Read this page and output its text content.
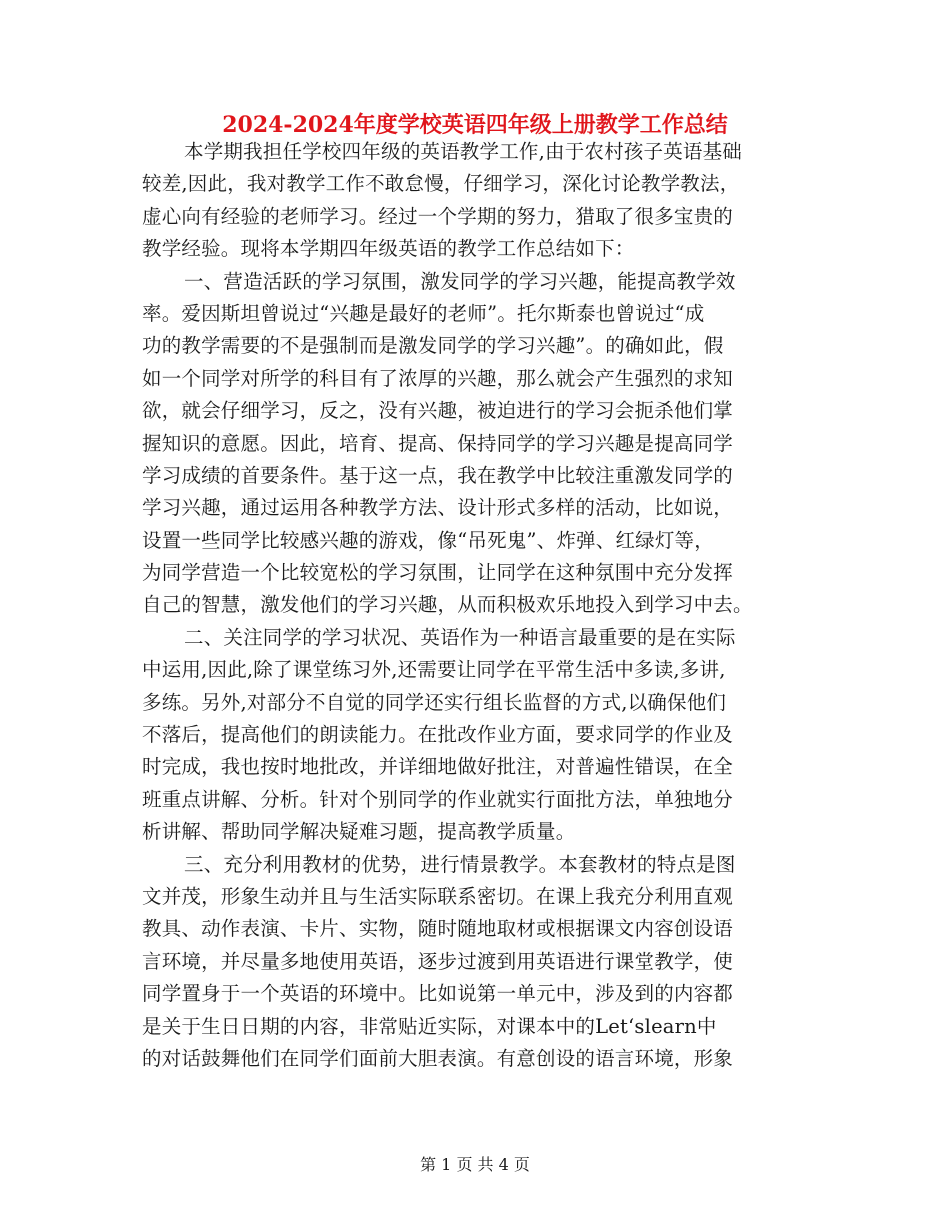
2024-2024年度学校英语四年级上册教学工作总结
本学期我担任学校四年级的英语教学工作,由于农村孩子英语基础
较差,因此，我对教学工作不敢怠慢，仔细学习，深化讨论教学教法，
虚心向有经验的老师学习。经过一个学期的努力，猎取了很多宝贵的
教学经验。现将本学期四年级英语的教学工作总结如下：
一、营造活跃的学习氛围，激发同学的学习兴趣，能提高教学效
率。爱因斯坦曾说过“兴趣是最好的老师”。托尔斯泰也曾说过“成
功的教学需要的不是强制而是激发同学的学习兴趣”。的确如此，假
如一个同学对所学的科目有了浓厚的兴趣，那么就会产生强烈的求知
欲，就会仔细学习，反之，没有兴趣，被迫进行的学习会扼杀他们掌
握知识的意愿。因此，培育、提高、保持同学的学习兴趣是提高同学
学习成绩的首要条件。基于这一点，我在教学中比较注重激发同学的
学习兴趣，通过运用各种教学方法、设计形式多样的活动，比如说，
设置一些同学比较感兴趣的游戏，像“吊死鬼”、炸弹、红绿灯等，
为同学营造一个比较宽松的学习氛围，让同学在这种氛围中充分发挥
自己的智慧，激发他们的学习兴趣，从而积极欢乐地投入到学习中去。
二、关注同学的学习状况、英语作为一种语言最重要的是在实际
中运用,因此,除了课堂练习外,还需要让同学在平常生活中多读,多讲,
多练。另外,对部分不自觉的同学还实行组长监督的方式,以确保他们
不落后，提高他们的朗读能力。在批改作业方面，要求同学的作业及
时完成，我也按时地批改，并详细地做好批注，对普遍性错误，在全
班重点讲解、分析。针对个别同学的作业就实行面批方法，单独地分
析讲解、帮助同学解决疑难习题，提高教学质量。
三、充分利用教材的优势，进行情景教学。本套教材的特点是图
文并茂，形象生动并且与生活实际联系密切。在课上我充分利用直观
教具、动作表演、卡片、实物，随时随地取材或根据课文内容创设语
言环境，并尽量多地使用英语，逐步过渡到用英语进行课堂教学，使
同学置身于一个英语的环境中。比如说第一单元中，涉及到的内容都
是关于生日日期的内容，非常贴近实际，对课本中的Let‘slearn中
的对话鼓舞他们在同学们面前大胆表演。有意创设的语言环境，形象
第 1 页 共 4 页
